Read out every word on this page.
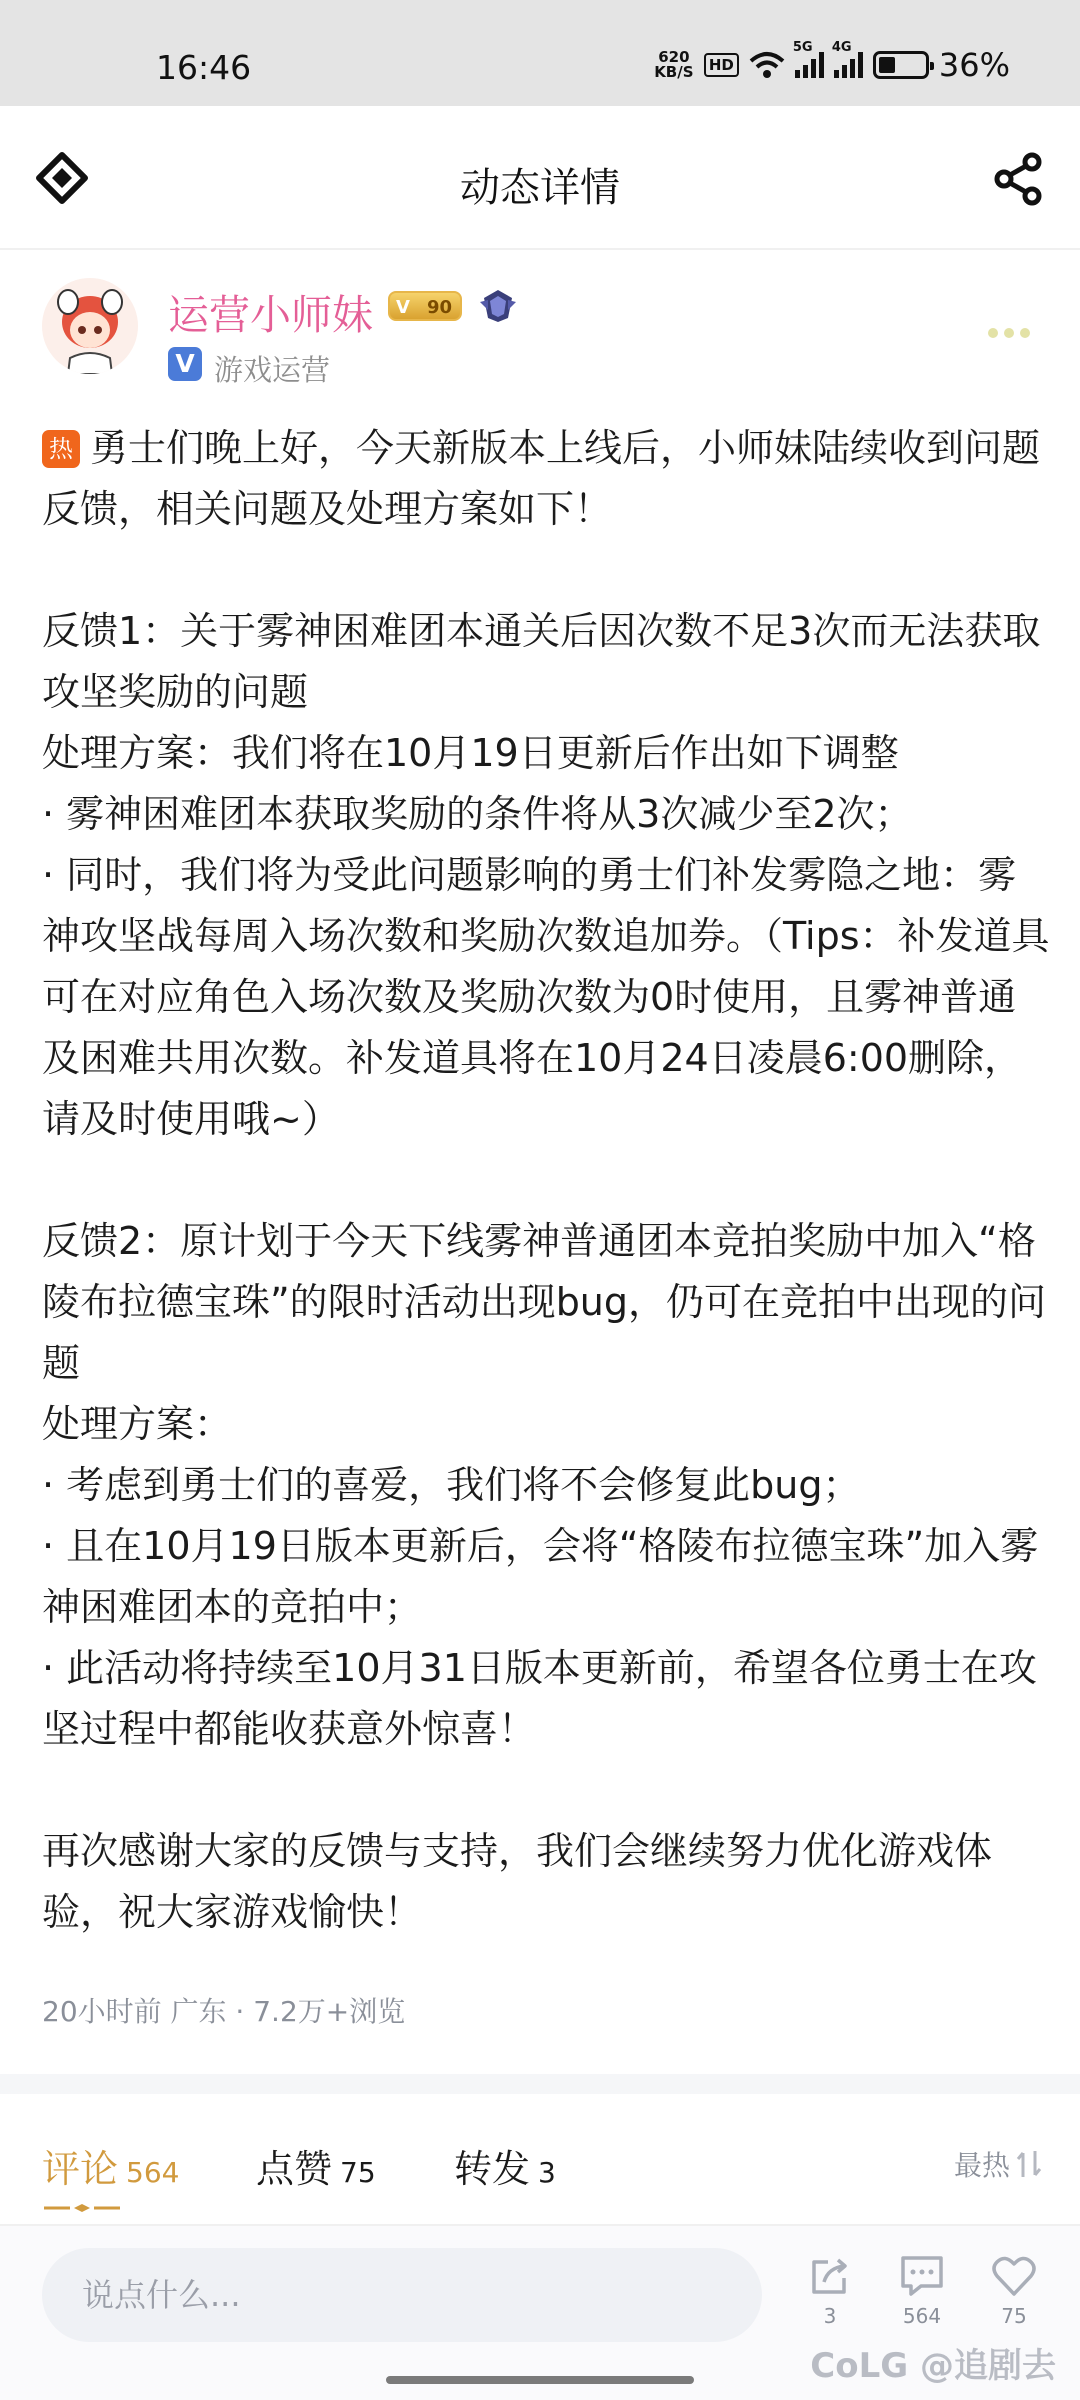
16:46	620
KB/S	HD
5G 4G	36%
动态详情
运营小师妹
V	90
V 游戏运营

热 勇士们晚上好，今天新版本上线后，小师妹陆续收到问题反馈，相关问题及处理方案如下！

反馈1：关于雾神困难团本通关后因次数不足3次而无法获取攻坚奖励的问题

处理方案：我们将在10月19日更新后作出如下调整

· 雾神困难团本获取奖励的条件将从3次减少至2次；

· 同时，我们将为受此问题影响的勇士们补发雾隐之地：雾神攻坚战每周入场次数和奖励次数追加券。（Tips：补发道具可在对应角色入场次数及奖励次数为0时使用，且雾神普通及困难共用次数。补发道具将在10月24日凌晨6:00删除，请及时使用哦~）

反馈2：原计划于今天下线雾神普通团本竞拍奖励中加入“格陵布拉德宝珠”的限时活动出现bug，仍可在竞拍中出现的问题

处理方案：

· 考虑到勇士们的喜爱，我们将不会修复此bug；

· 且在10月19日版本更新后，会将“格陵布拉德宝珠”加入雾神困难团本的竞拍中；

· 此活动将持续至10月31日版本更新前，希望各位勇士在攻坚过程中都能收获意外惊喜！

再次感谢大家的反馈与支持，我们会继续努力优化游戏体验，祝大家游戏愉快！

20小时前 广东 · 7.2万+浏览
评论 564 点赞 75 转发 3	最热
说点什么...
3	564	75
CoLG @追剧去
